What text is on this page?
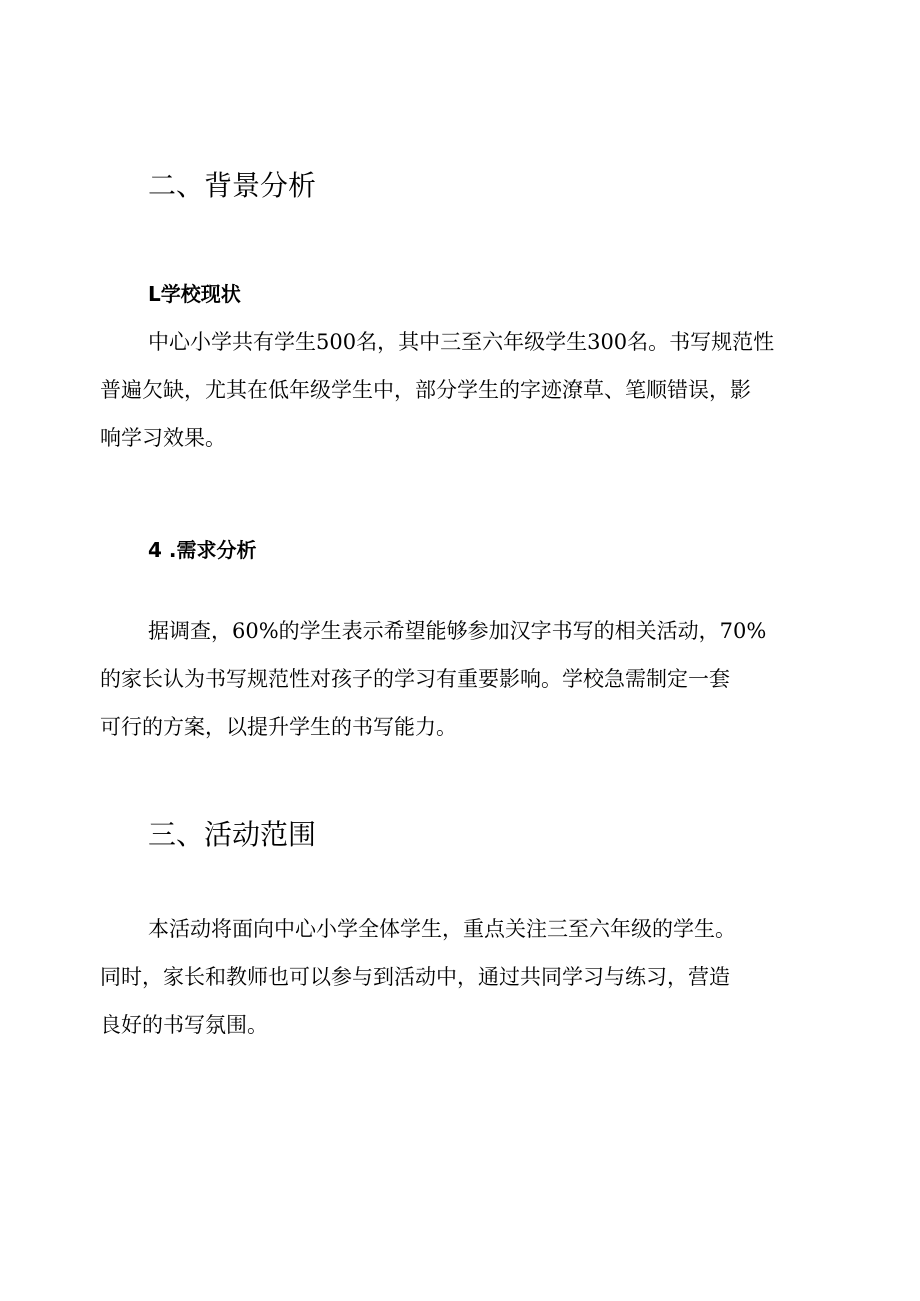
二、背景分析
L学校现状
中心小学共有学生500名，其中三至六年级学生300名。书写规范性
普遍欠缺，尤其在低年级学生中，部分学生的字迹潦草、笔顺错误，影
响学习效果。
4 .需求分析
据调查，60%的学生表示希望能够参加汉字书写的相关活动，70%
的家长认为书写规范性对孩子的学习有重要影响。学校急需制定一套
可行的方案，以提升学生的书写能力。
三、活动范围
本活动将面向中心小学全体学生，重点关注三至六年级的学生。
同时，家长和教师也可以参与到活动中，通过共同学习与练习，营造
良好的书写氛围。
